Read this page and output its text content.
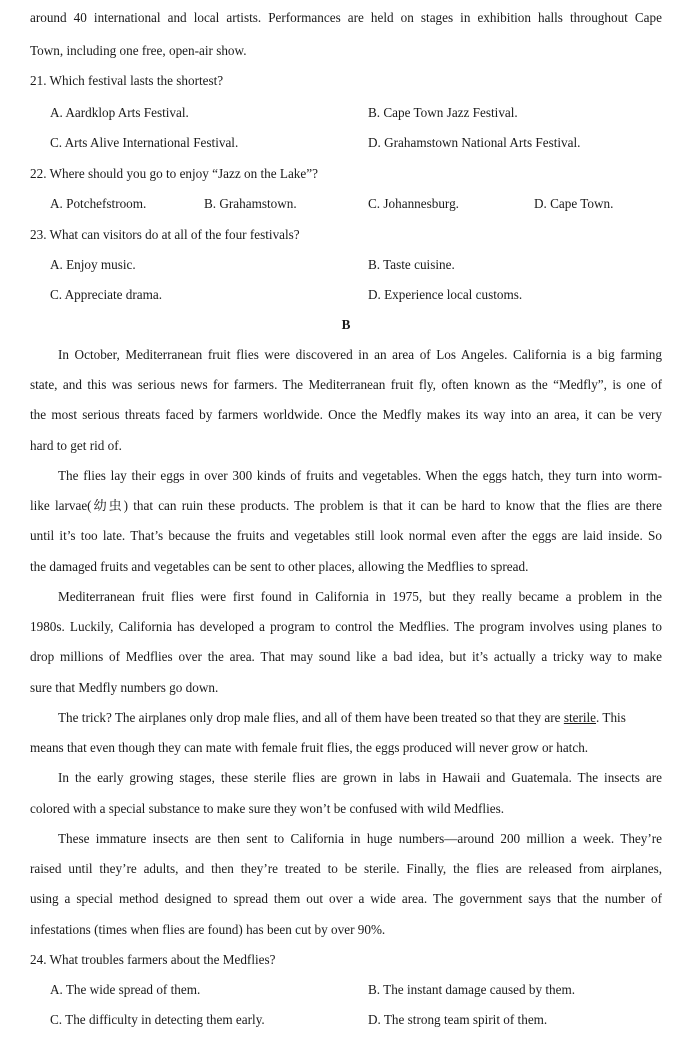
around 40 international and local artists. Performances are held on stages in exhibition halls throughout Cape
Town, including one free, open-air show.
21. Which festival lasts the shortest?
A. Aardklop Arts Festival.	B. Cape Town Jazz Festival.
C. Arts Alive International Festival.	D. Grahamstown National Arts Festival.
22. Where should you go to enjoy “Jazz on the Lake”?
A. Potchefstroom.	B. Grahamstown.	C. Johannesburg.	D. Cape Town.
23. What can visitors do at all of the four festivals?
A. Enjoy music.	B. Taste cuisine.
C. Appreciate drama.	D. Experience local customs.
B
In October, Mediterranean fruit flies were discovered in an area of Los Angeles. California is a big farming
state, and this was serious news for farmers. The Mediterranean fruit fly, often known as the “Medfly”, is one of
the most serious threats faced by farmers worldwide. Once the Medfly makes its way into an area, it can be very
hard to get rid of.
The flies lay their eggs in over 300 kinds of fruits and vegetables. When the eggs hatch, they turn into worm-
like larvae(幼虫) that can ruin these products. The problem is that it can be hard to know that the flies are there
until it’s too late. That’s because the fruits and vegetables still look normal even after the eggs are laid inside. So
the damaged fruits and vegetables can be sent to other places, allowing the Medflies to spread.
Mediterranean fruit flies were first found in California in 1975, but they really became a problem in the
1980s. Luckily, California has developed a program to control the Medflies. The program involves using planes to
drop millions of Medflies over the area. That may sound like a bad idea, but it’s actually a tricky way to make
sure that Medfly numbers go down.
The trick? The airplanes only drop male flies, and all of them have been treated so that they are sterile. This
means that even though they can mate with female fruit flies, the eggs produced will never grow or hatch.
In the early growing stages, these sterile flies are grown in labs in Hawaii and Guatemala. The insects are
colored with a special substance to make sure they won’t be confused with wild Medflies.
These immature insects are then sent to California in huge numbers—around 200 million a week. They’re
raised until they’re adults, and then they’re treated to be sterile. Finally, the flies are released from airplanes,
using a special method designed to spread them out over a wide area. The government says that the number of
infestations (times when flies are found) has been cut by over 90%.
24. What troubles farmers about the Medflies?
A. The wide spread of them.	B. The instant damage caused by them.
C. The difficulty in detecting them early.	D. The strong team spirit of them.
